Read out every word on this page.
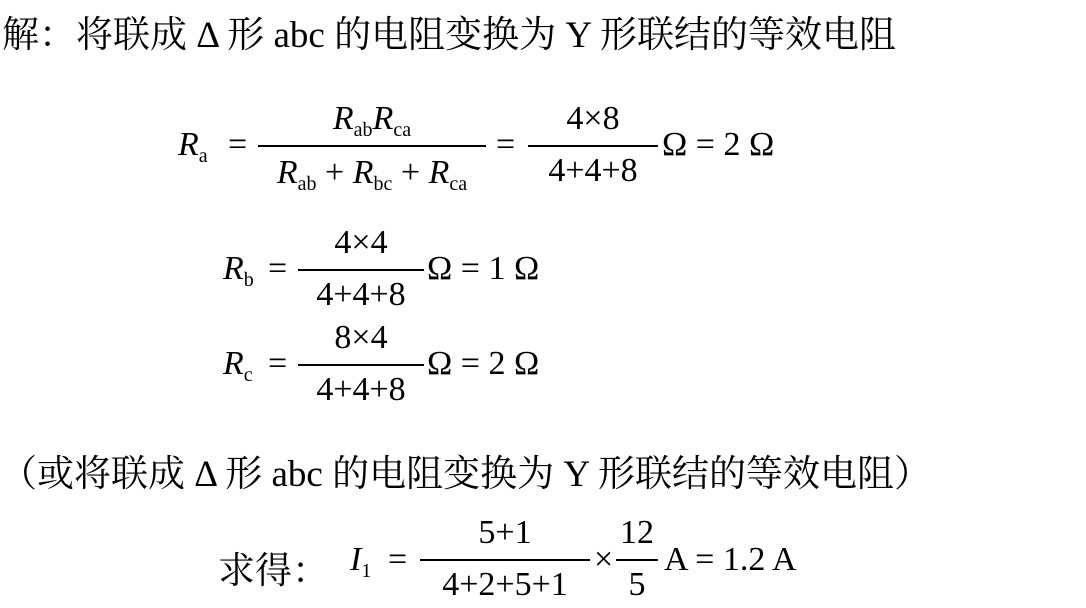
解：将联成 Δ 形 abc 的电阻变换为 Y 形联结的等效电阻
$R_a$ =
$R_{ab}R_{ca}$
$R_{ab} + R_{bc} + R_{ca}$
=
4×8
4+4+8
Ω = 2 Ω
$R_b$ =
4×4
4+4+8
Ω = 1 Ω
$R_c$ =
8×4
4+4+8
Ω = 2 Ω
（或将联成 Δ 形 abc 的电阻变换为 Y 形联结的等效电阻）
求得： $I_1$ =
5+1
4+2+5+1
×
12
5
A = 1.2 A
